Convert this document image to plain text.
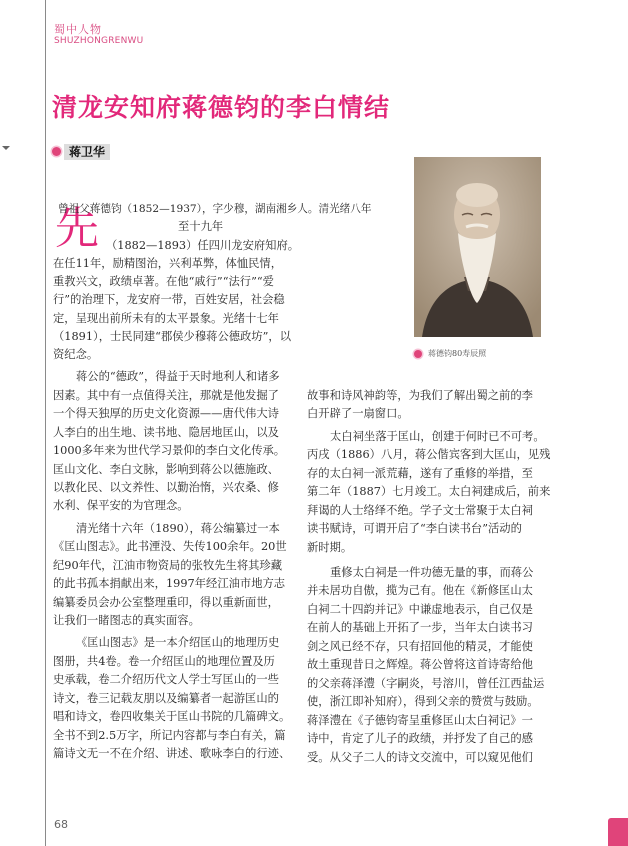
蜀中人物
SHUZHONGRENWU
清龙安知府蒋德钧的李白情结
蒋卫华
蒋德钧80寿辰照
先
曾祖父蒋德钧（1852—1937），字少穆，湖南湘乡人。清光绪八年
至十九年
（1882—1893）任四川龙安府知府。
在任11年，励精图治，兴利革弊，体恤民情，
重教兴文，政绩卓著。在他“戚行”“法行”“爱
行”的治理下，龙安府一带，百姓安居，社会稳
定，呈现出前所未有的太平景象。光绪十七年
（1891），士民同建“郡侯少穆蒋公德政坊”，以
资纪念。
蒋公的“德政”，得益于天时地利人和诸多
因素。其中有一点值得关注，那就是他发掘了
一个得天独厚的历史文化资源——唐代伟大诗
人李白的出生地、读书地、隐居地匡山，以及
1000多年来为世代学习景仰的李白文化传承。
匡山文化、李白文脉，影响到蒋公以德施政、
以教化民、以文养性、以勤治惰，兴农桑、修
水利、保平安的为官理念。
清光绪十六年（1890），蒋公编纂过一本
《匡山图志》。此书湮没、失传100余年。20世
纪90年代，江油市物资局的张牧先生将其珍藏
的此书孤本捐献出来，1997年经江油市地方志
编纂委员会办公室整理重印，得以重新面世，
让我们一睹图志的真实面容。
《匡山图志》是一本介绍匡山的地理历史
图册，共4卷。卷一介绍匡山的地理位置及历
史承载，卷二介绍历代文人学士写匡山的一些
诗文，卷三记载友朋以及编纂者一起游匡山的
唱和诗文，卷四收集关于匡山书院的几篇碑文。
全书不到2.5万字，所记内容都与李白有关，篇
篇诗文无一不在介绍、讲述、歌咏李白的行迹、
故事和诗风神韵等，为我们了解出蜀之前的李
白开辟了一扇窗口。
太白祠坐落于匡山，创建于何时已不可考。
丙戌（1886）八月，蒋公偕宾客到大匡山，见残
存的太白祠一派荒藉，遂有了重修的举措，至
第二年（1887）七月竣工。太白祠建成后，前来
拜谒的人士络绎不绝。学子文士常聚于太白祠
读书赋诗，可谓开启了“李白读书台”活动的
新时期。
重修太白祠是一件功德无量的事，而蒋公
并未居功自傲，揽为己有。他在《新修匡山太
白祠二十四韵并记》中谦虚地表示，自己仅是
在前人的基础上开拓了一步，当年太白读书习
剑之风已经不存，只有招回他的精灵，才能使
故土重现昔日之辉煌。蒋公曾将这首诗寄给他
的父亲蒋泽澧（字嗣炎，号溶川，曾任江西盐运
使，浙江即补知府），得到父亲的赞赏与鼓励。
蒋泽澧在《子德钧寄呈重修匡山太白祠记》一
诗中，肯定了儿子的政绩，并抒发了自己的感
受。从父子二人的诗文交流中，可以窥见他们
68
